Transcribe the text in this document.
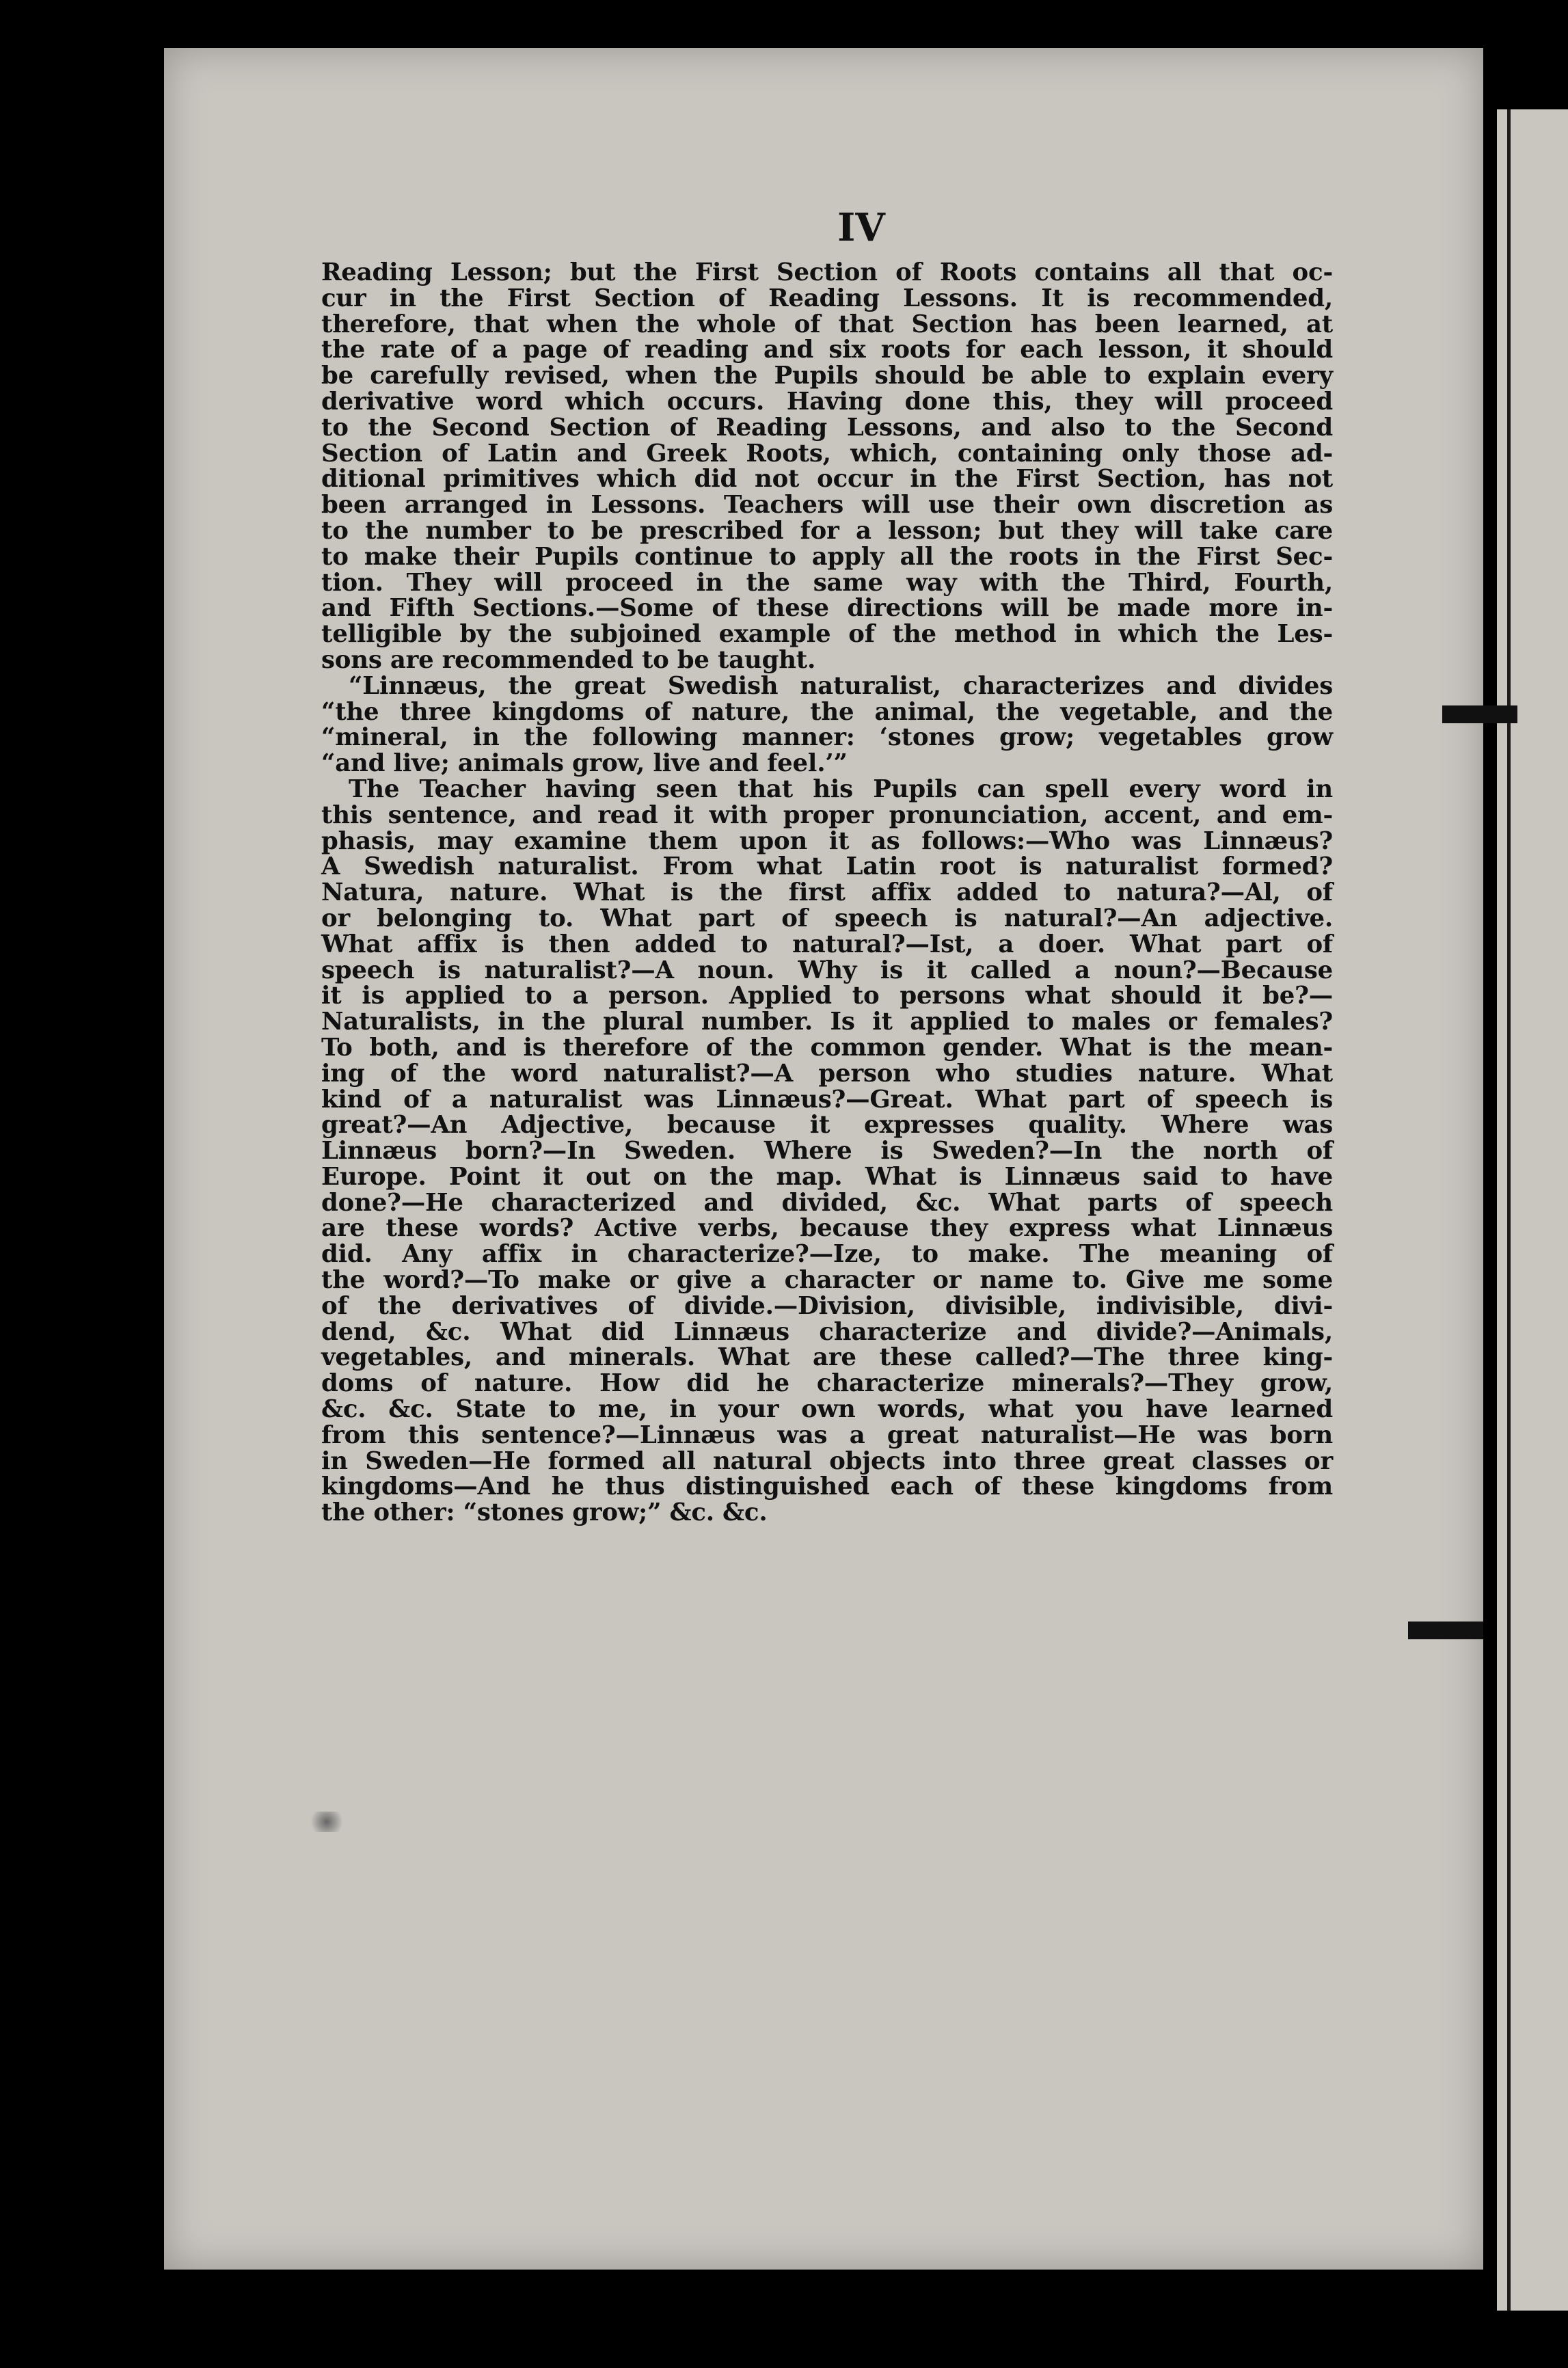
IV
Reading Lesson; but the First Section of Roots contains all that oc-
cur in the First Section of Reading Lessons. It is recommended,
therefore, that when the whole of that Section has been learned, at
the rate of a page of reading and six roots for each lesson, it should
be carefully revised, when the Pupils should be able to explain every
derivative word which occurs. Having done this, they will proceed
to the Second Section of Reading Lessons, and also to the Second
Section of Latin and Greek Roots, which, containing only those ad-
ditional primitives which did not occur in the First Section, has not
been arranged in Lessons. Teachers will use their own discretion as
to the number to be prescribed for a lesson; but they will take care
to make their Pupils continue to apply all the roots in the First Sec-
tion. They will proceed in the same way with the Third, Fourth,
and Fifth Sections.—Some of these directions will be made more in-
telligible by the subjoined example of the method in which the Les-
sons are recommended to be taught.
“Linnæus, the great Swedish naturalist, characterizes and divides
“the three kingdoms of nature, the animal, the vegetable, and the
“mineral, in the following manner: ‘stones grow; vegetables grow
“and live; animals grow, live and feel.’”
The Teacher having seen that his Pupils can spell every word in
this sentence, and read it with proper pronunciation, accent, and em-
phasis, may examine them upon it as follows:—Who was Linnæus?
A Swedish naturalist. From what Latin root is naturalist formed?
Natura, nature. What is the first affix added to natura?—Al, of
or belonging to. What part of speech is natural?—An adjective.
What affix is then added to natural?—Ist, a doer. What part of
speech is naturalist?—A noun. Why is it called a noun?—Because
it is applied to a person. Applied to persons what should it be?—
Naturalists, in the plural number. Is it applied to males or females?
To both, and is therefore of the common gender. What is the mean-
ing of the word naturalist?—A person who studies nature. What
kind of a naturalist was Linnæus?—Great. What part of speech is
great?—An Adjective, because it expresses quality. Where was
Linnæus born?—In Sweden. Where is Sweden?—In the north of
Europe. Point it out on the map. What is Linnæus said to have
done?—He characterized and divided, &c. What parts of speech
are these words? Active verbs, because they express what Linnæus
did. Any affix in characterize?—Ize, to make. The meaning of
the word?—To make or give a character or name to. Give me some
of the derivatives of divide.—Division, divisible, indivisible, divi-
dend, &c. What did Linnæus characterize and divide?—Animals,
vegetables, and minerals. What are these called?—The three king-
doms of nature. How did he characterize minerals?—They grow,
&c. &c. State to me, in your own words, what you have learned
from this sentence?—Linnæus was a great naturalist—He was born
in Sweden—He formed all natural objects into three great classes or
kingdoms—And he thus distinguished each of these kingdoms from
the other: “stones grow;” &c. &c.
